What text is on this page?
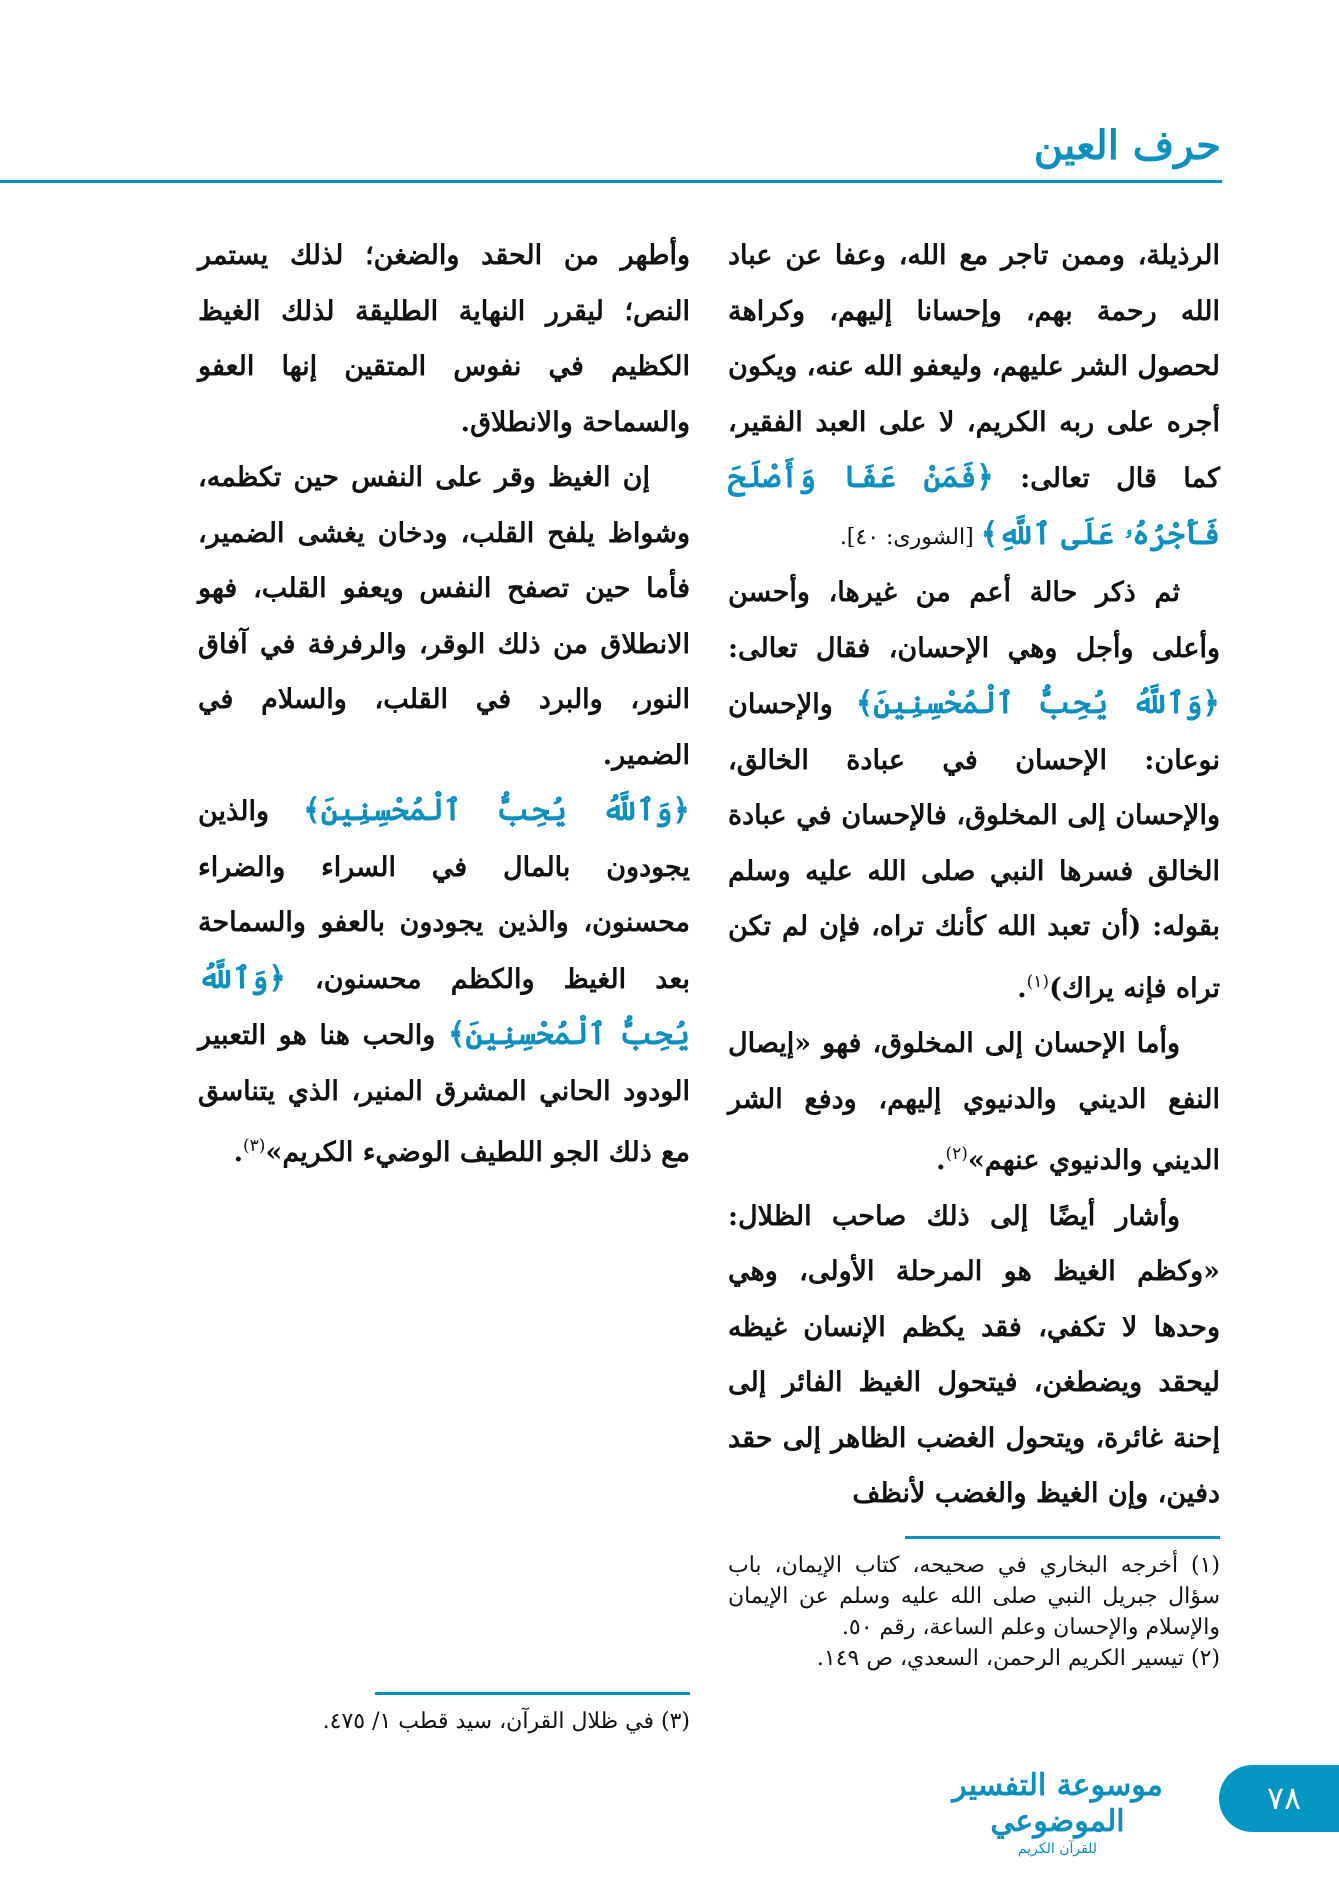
حرف العين

الرذيلة، وممن تاجر مع الله، وعفا عن عباد الله رحمة بهم، وإحسانا إليهم، وكراهة لحصول الشر عليهم، وليعفو الله عنه، ويكون أجره على ربه الكريم، لا على العبد الفقير، كما قال تعالى: ﴿فَمَنْ عَفَا وَأَصْلَحَ فَأَجْرُهُۥ عَلَى ٱللَّهِ﴾ [الشورى: ٤٠].

ثم ذكر حالة أعم من غيرها، وأحسن وأعلى وأجل وهي الإحسان، فقال تعالى: ﴿وَٱللَّهُ يُحِبُّ ٱلْمُحْسِنِينَ﴾ والإحسان نوعان: الإحسان في عبادة الخالق، والإحسان إلى المخلوق، فالإحسان في عبادة الخالق فسرها النبي صلى الله عليه وسلم بقوله: (أن تعبد الله كأنك تراه، فإن لم تكن تراه فإنه يراك)$^{(١)}$.

وأما الإحسان إلى المخلوق، فهو «إيصال النفع الديني والدنيوي إليهم، ودفع الشر الديني والدنيوي عنهم»$^{(٢)}$.

وأشار أيضًا إلى ذلك صاحب الظلال: «وكظم الغيظ هو المرحلة الأولى، وهي وحدها لا تكفي، فقد يكظم الإنسان غيظه ليحقد ويضطغن، فيتحول الغيظ الفائر إلى إحنة غائرة، ويتحول الغضب الظاهر إلى حقد دفين، وإن الغيظ والغضب لأنظف

وأطهر من الحقد والضغن؛ لذلك يستمر النص؛ ليقرر النهاية الطليقة لذلك الغيظ الكظيم في نفوس المتقين إنها العفو والسماحة والانطلاق.

إن الغيظ وقر على النفس حين تكظمه، وشواظ يلفح القلب، ودخان يغشى الضمير، فأما حين تصفح النفس ويعفو القلب، فهو الانطلاق من ذلك الوقر، والرفرفة في آفاق النور، والبرد في القلب، والسلام في الضمير.

﴿وَٱللَّهُ يُحِبُّ ٱلْمُحْسِنِينَ﴾ والذين يجودون بالمال في السراء والضراء محسنون، والذين يجودون بالعفو والسماحة بعد الغيظ والكظم محسنون، ﴿وَٱللَّهُ يُحِبُّ ٱلْمُحْسِنِينَ﴾ والحب هنا هو التعبير الودود الحاني المشرق المنير، الذي يتناسق مع ذلك الجو اللطيف الوضيء الكريم»$^{(٣)}$.

(١) أخرجه البخاري في صحيحه، كتاب الإيمان، باب سؤال جبريل النبي صلى الله عليه وسلم عن الإيمان والإسلام والإحسان وعلم الساعة، رقم ٥٠.
(٢) تيسير الكريم الرحمن، السعدي، ص ١٤٩.
(٣) في ظلال القرآن، سيد قطب ١/ ٤٧٥.
موسوعة التفسير الموضوعي
للقرآن الكريم
٧٨
